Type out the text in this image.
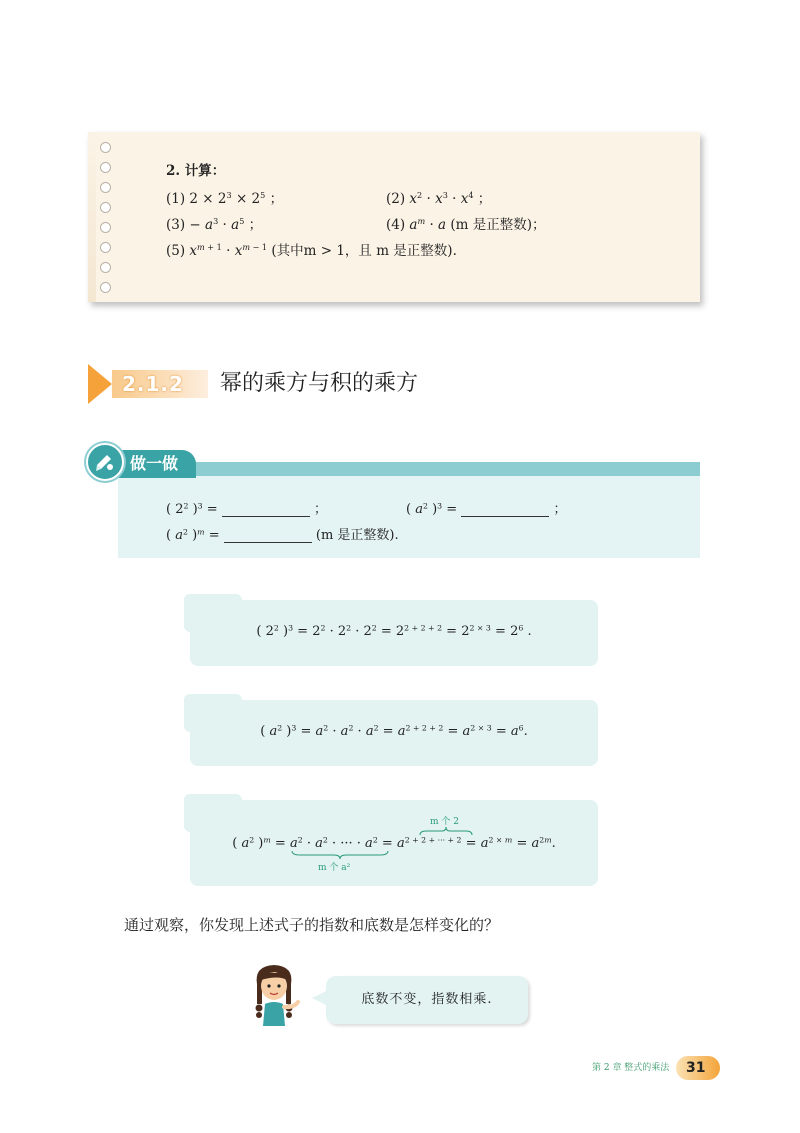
2. 计算：
(1) $2 \times 2^3 \times 2^5$ ；	(2) $x^2 \cdot x^3 \cdot x^4$ ；
$(3) - a^3 \cdot a^5$ ；	(4) $a^m \cdot a$ (m 是正整数)；
(5) $x^{m + 1} \cdot x^{m - 1}$ (其中m > 1，且 m 是正整数).
2.1.2 幂的乘方与积的乘方
( $2^2$ )$^3$ =	；	( $a^2$ )$^3$ =	；
( $a^2$ )$^m$ =	(m 是正整数).
做一做
( $2^2$ )$^3 = 2^2 \cdot 2^2 \cdot 2^2 = 2^{2 + 2 + 2} = 2^{2 \times 3} = 2^6$ .
( $a^2$ )$^3 = a^2 \cdot a^2 \cdot a^2 = a^{2 + 2 + 2} = a^{2 \times 3} = a^6$.
( $a^2$ )$^m = a^2 \cdot a^2$ · ··· · $a^2 = a^{2 + 2 + \cdot\cdot\cdot + 2} = a^{2 \times m} = a^{2m}$.
m 个 a²
m 个 2
通过观察，你发现上述式子的指数和底数是怎样变化的？
底数不变，指数相乘.
第 2 章 整式的乘法 31
